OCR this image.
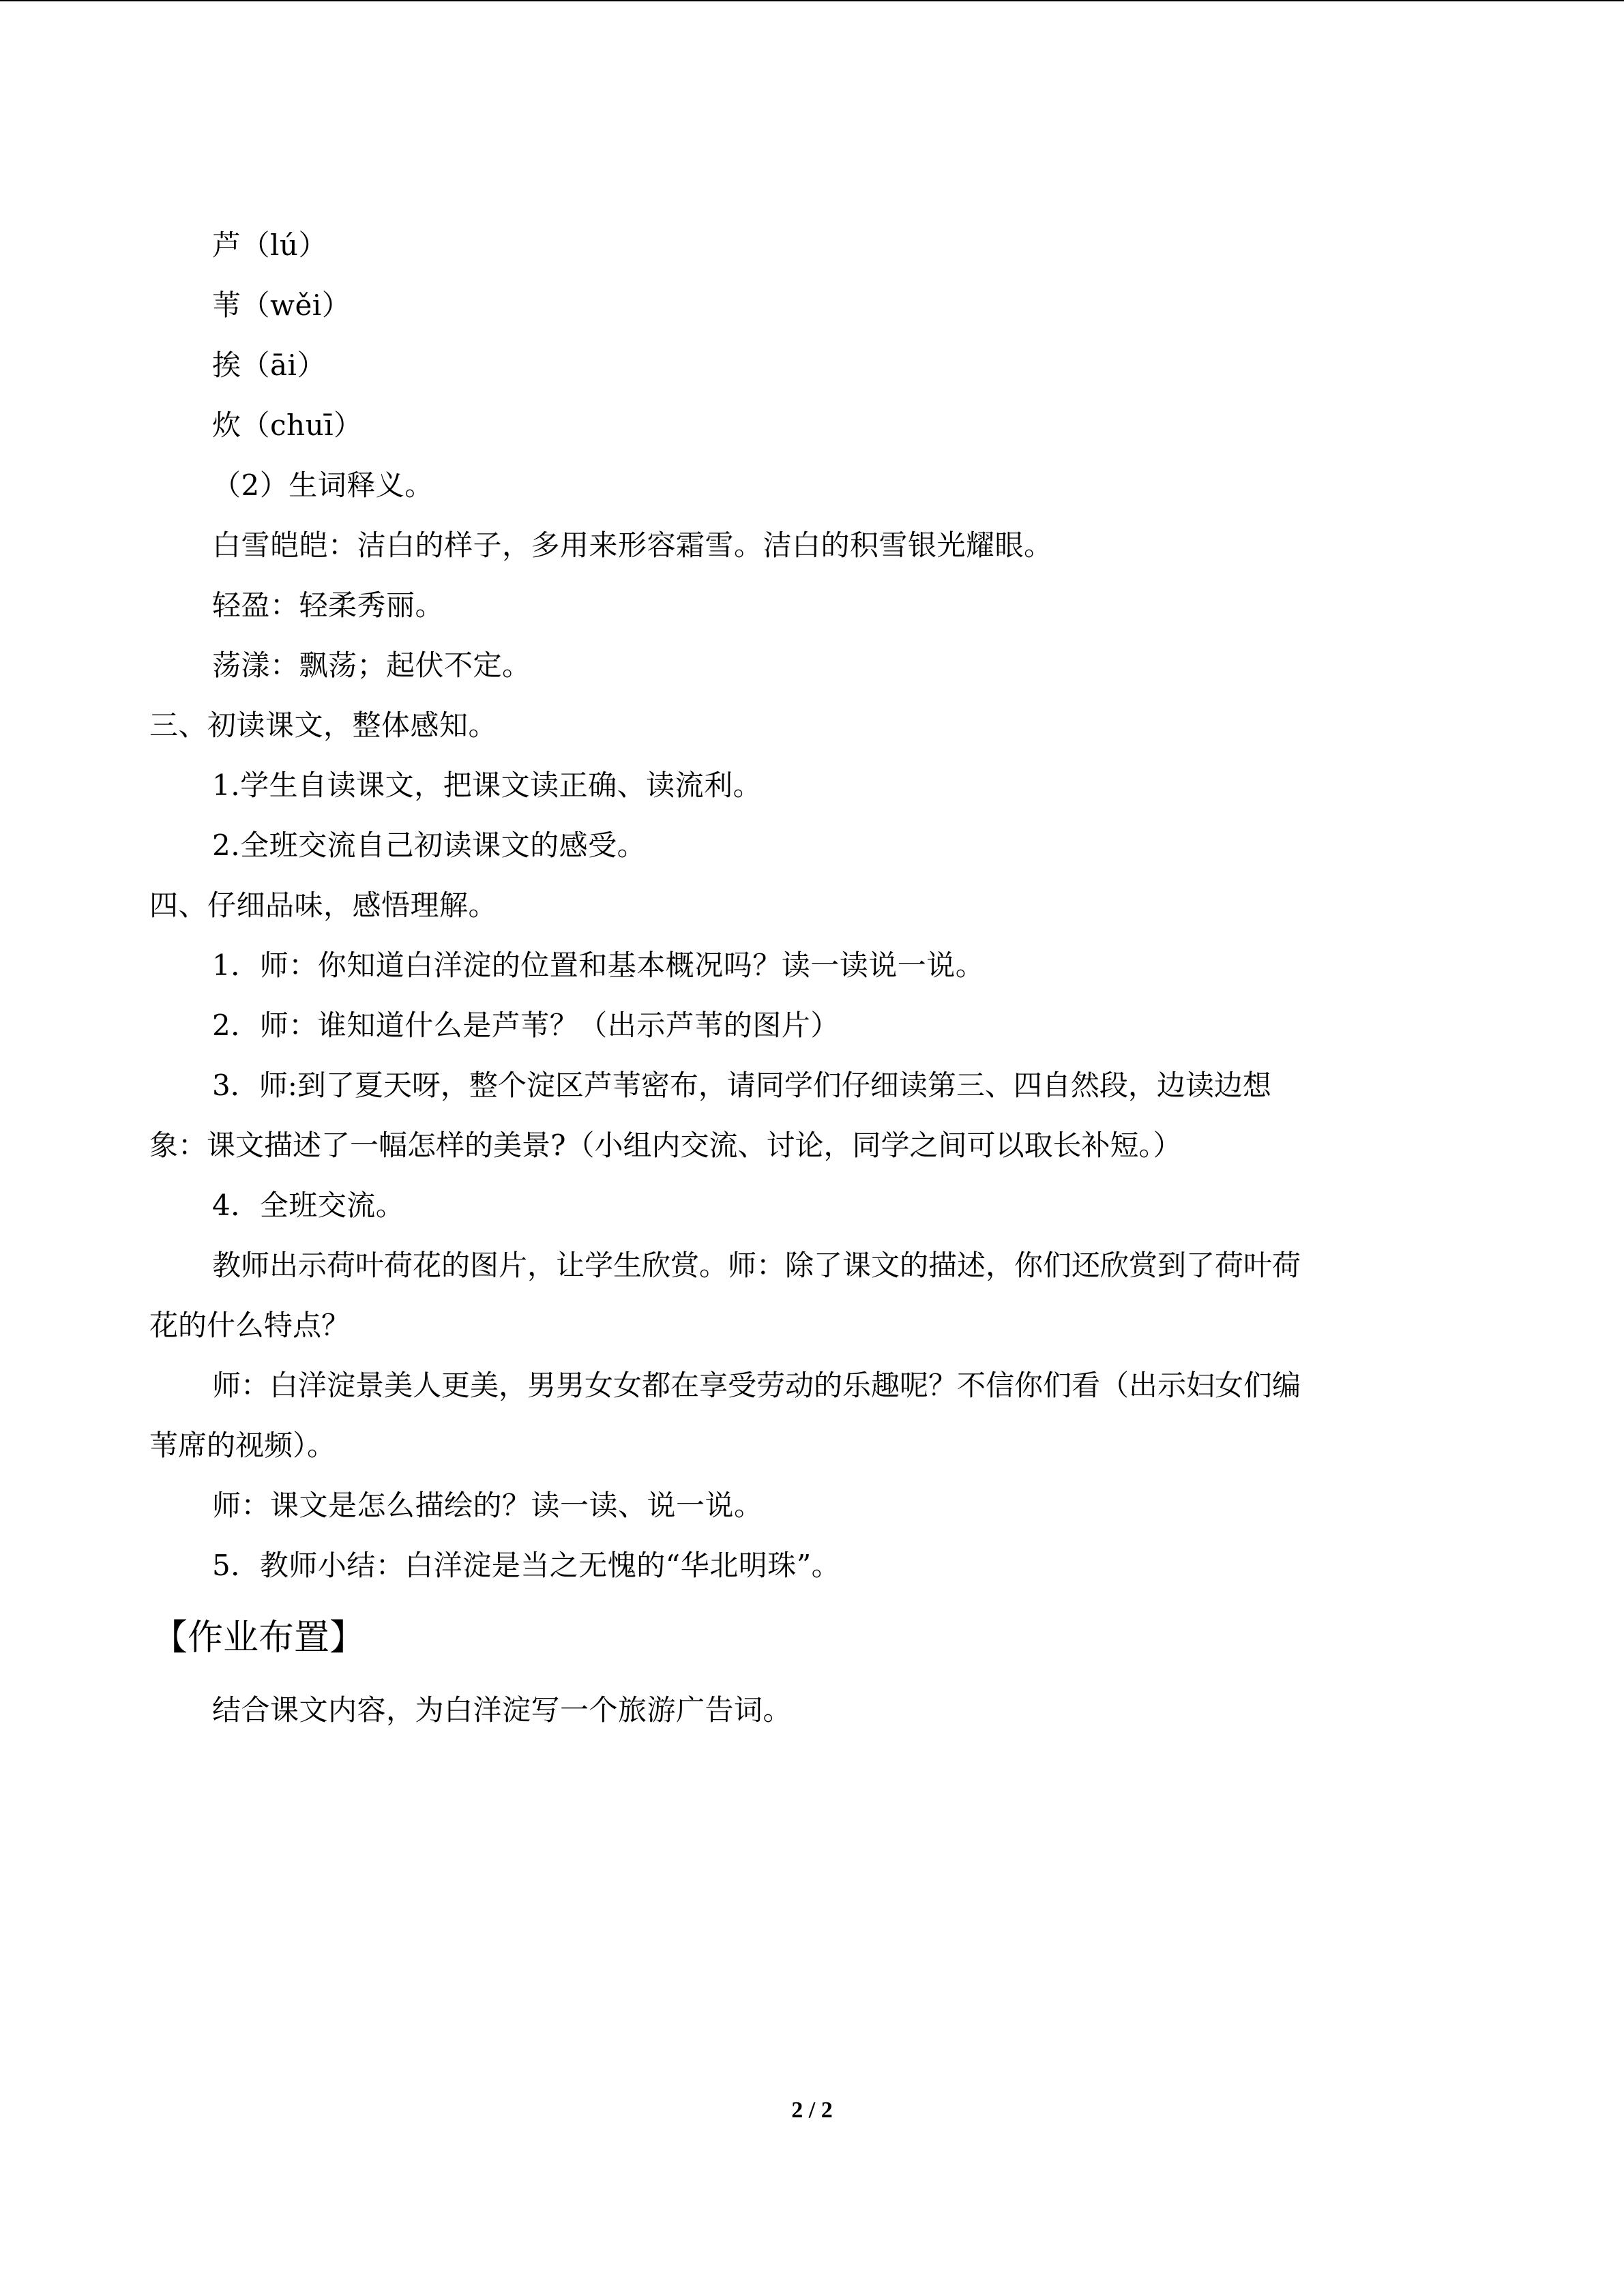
芦（lú）
苇（wěi）
挨（āi）
炊（chuī）
（2）生词释义。
白雪皑皑：洁白的样子，多用来形容霜雪。洁白的积雪银光耀眼。
轻盈：轻柔秀丽。
荡漾：飘荡；起伏不定。
三、初读课文，整体感知。
1.学生自读课文，把课文读正确、读流利。
2.全班交流自己初读课文的感受。
四、仔细品味，感悟理解。
1．师：你知道白洋淀的位置和基本概况吗？读一读说一说。
2．师：谁知道什么是芦苇？（出示芦苇的图片）
3．师:到了夏天呀，整个淀区芦苇密布，请同学们仔细读第三、四自然段，边读边想
象：课文描述了一幅怎样的美景?（小组内交流、讨论，同学之间可以取长补短。）
4．全班交流。
教师出示荷叶荷花的图片，让学生欣赏。师：除了课文的描述，你们还欣赏到了荷叶荷
花的什么特点？
师：白洋淀景美人更美，男男女女都在享受劳动的乐趣呢？不信你们看（出示妇女们编
苇席的视频）。
师：课文是怎么描绘的？读一读、说一说。
5．教师小结：白洋淀是当之无愧的“华北明珠”。
【作业布置】
结合课文内容，为白洋淀写一个旅游广告词。
2 / 2
